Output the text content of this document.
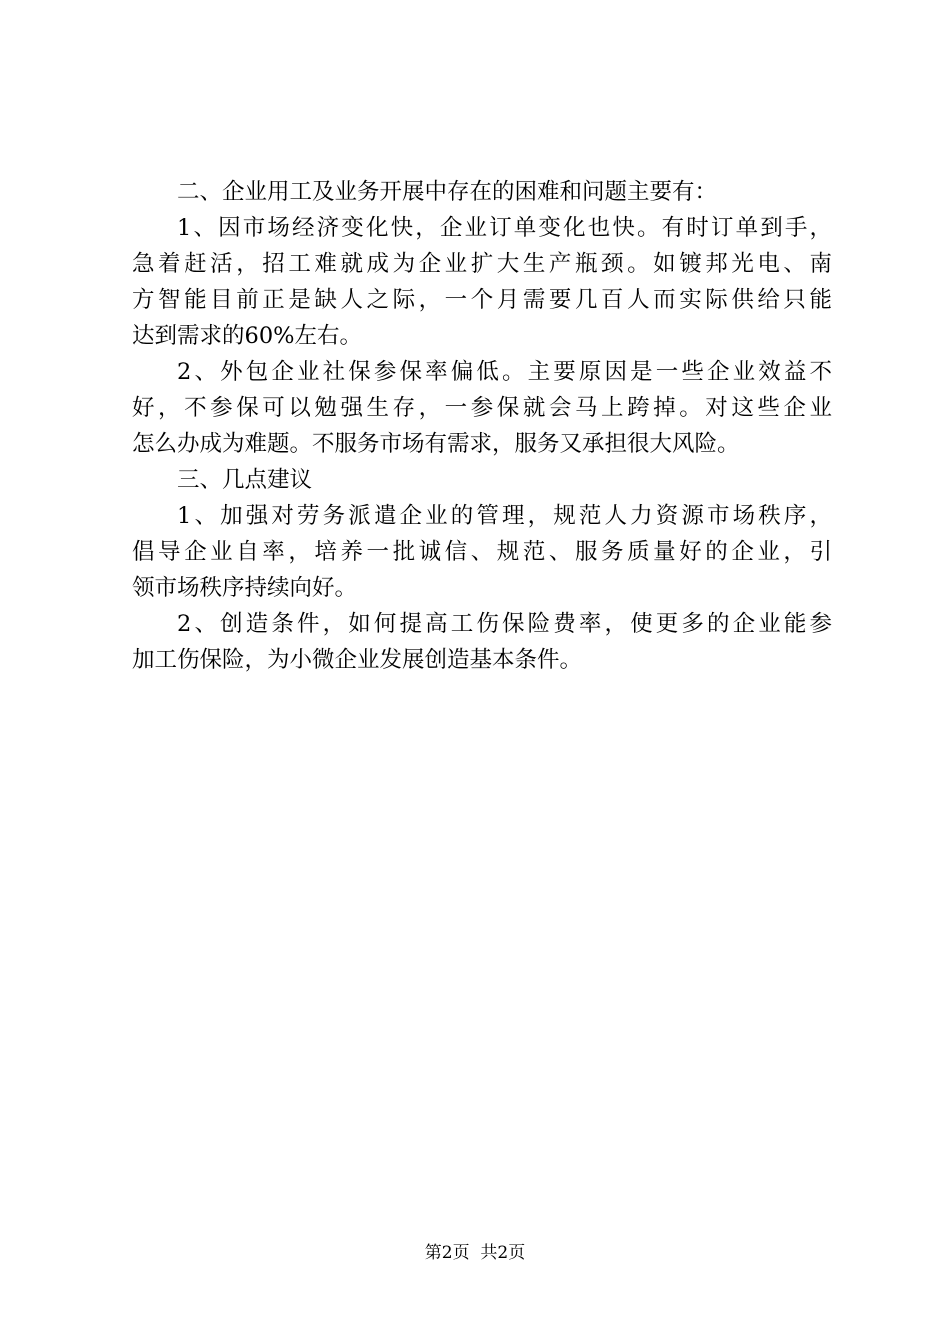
二、企业用工及业务开展中存在的困难和问题主要有：
1、因市场经济变化快，企业订单变化也快。有时订单到手，
急着赶活，招工难就成为企业扩大生产瓶颈。如镀邦光电、南
方智能目前正是缺人之际，一个月需要几百人而实际供给只能
达到需求的60%左右。
2、外包企业社保参保率偏低。主要原因是一些企业效益不
好，不参保可以勉强生存，一参保就会马上跨掉。对这些企业
怎么办成为难题。不服务市场有需求，服务又承担很大风险。
三、几点建议
1、加强对劳务派遣企业的管理，规范人力资源市场秩序，
倡导企业自率，培养一批诚信、规范、服务质量好的企业，引
领市场秩序持续向好。
2、创造条件，如何提高工伤保险费率，使更多的企业能参
加工伤保险，为小微企业发展创造基本条件。
第2页  共2页
